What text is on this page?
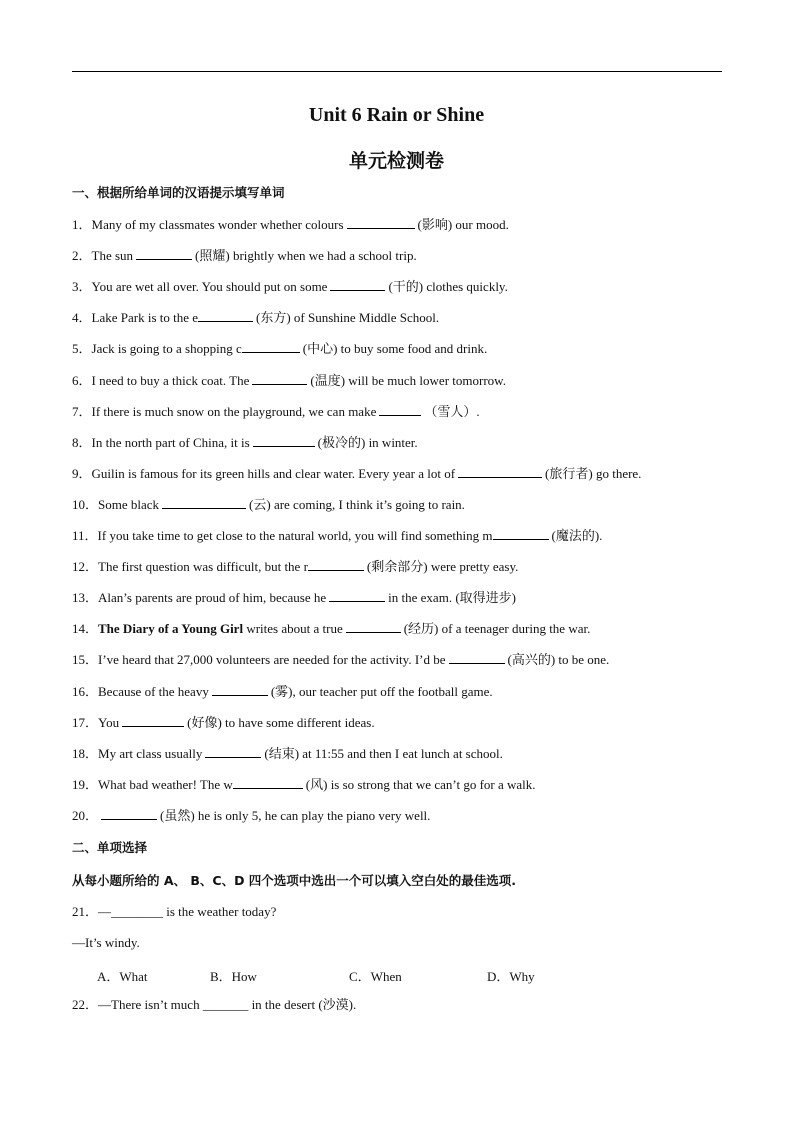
Unit 6 Rain or Shine
单元检测卷
一、根据所给单词的汉语提示填写单词
1．Many of my classmates wonder whether colours	(影响) our mood.
2．The sun	(照耀) brightly when we had a school trip.
3．You are wet all over. You should put on some	(干的) clothes quickly.
4．Lake Park is to the e	(东方) of Sunshine Middle School.
5．Jack is going to a shopping c	(中心) to buy some food and drink.
6．I need to buy a thick coat. The	(温度) will be much lower tomorrow.
7．If there is much snow on the playground, we can make	（雪人）.
8．In the north part of China, it is	(极冷的) in winter.
9．Guilin is famous for its green hills and clear water. Every year a lot of	(旅行者) go there.
10．Some black	(云) are coming, I think it’s going to rain.
11．If you take time to get close to the natural world, you will find something m	(魔法的).
12．The first question was difficult, but the r	(剩余部分) were pretty easy.
13．Alan’s parents are proud of him, because he	in the exam. (取得进步)
14．The Diary of a Young Girl writes about a true	(经历) of a teenager during the war.
15．I’ve heard that 27,000 volunteers are needed for the activity. I’d be	(高兴的) to be one.
16．Because of the heavy	(雾), our teacher put off the football game.
17．You	(好像) to have some different ideas.
18．My art class usually	(结束) at 11:55 and then I eat lunch at school.
19．What bad weather! The w	(风) is so strong that we can’t go for a walk.
20．	(虽然) he is only 5, he can play the piano very well.
二、单项选择
从每小题所给的 A、 B、C、D 四个选项中选出一个可以填入空白处的最佳选项.
21．—________ is the weather today?
—It’s windy.
A．What	B．How	C．When	D．Why
22．—There isn’t much _______ in the desert (沙漠).
